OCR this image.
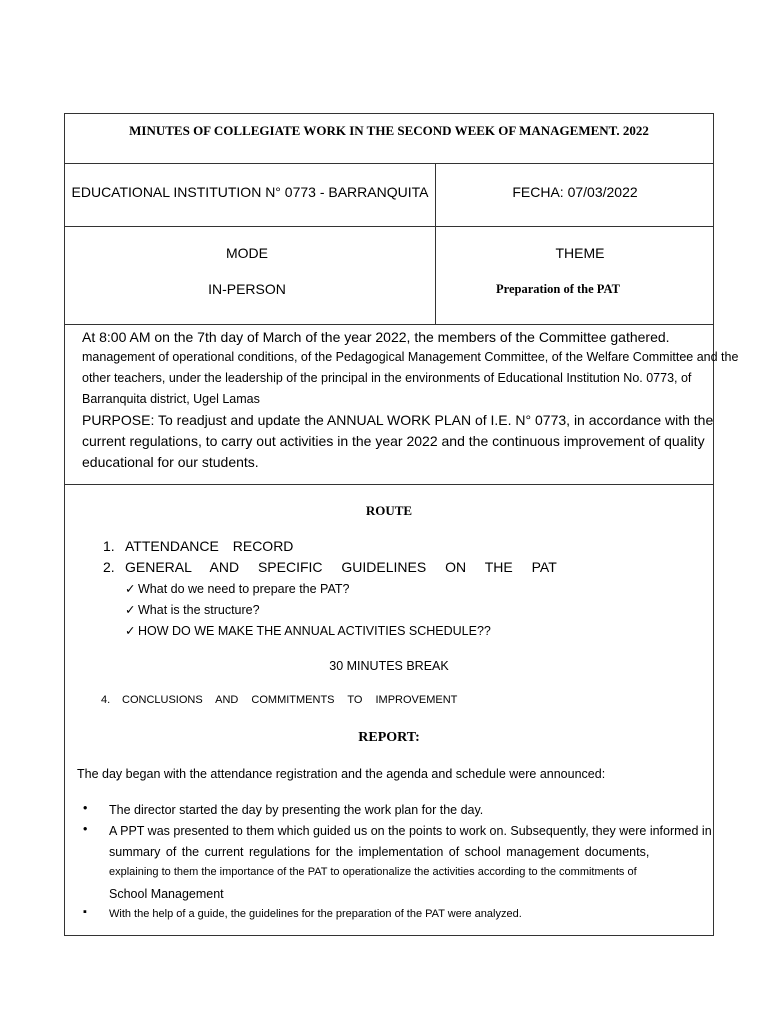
MINUTES OF COLLEGIATE WORK IN THE SECOND WEEK OF MANAGEMENT. 2022
EDUCATIONAL INSTITUTION N° 0773 - BARRANQUITA	FECHA: 07/03/2022
MODE
IN-PERSON
THEME
Preparation of the PAT
At 8:00 AM on the 7th day of March of the year 2022, the members of the Committee gathered.
management of operational conditions, of the Pedagogical Management Committee, of the Welfare Committee and the
other teachers, under the leadership of the principal in the environments of Educational Institution No. 0773, of
Barranquita district, Ugel Lamas
PURPOSE: To readjust and update the ANNUAL WORK PLAN of I.E. N° 0773, in accordance with the
current regulations, to carry out activities in the year 2022 and the continuous improvement of quality
educational for our students.
ROUTE
1. ATTENDANCE RECORD
2. GENERAL AND SPECIFIC GUIDELINES ON THE PAT
✓ What do we need to prepare the PAT?
✓ What is the structure?
✓ HOW DO WE MAKE THE ANNUAL ACTIVITIES SCHEDULE??
30 MINUTES BREAK
4. CONCLUSIONS AND COMMITMENTS TO IMPROVEMENT
REPORT:
The day began with the attendance registration and the agenda and schedule were announced:
• The director started the day by presenting the work plan for the day.
• A PPT was presented to them which guided us on the points to work on. Subsequently, they were informed in
summary of the current regulations for the implementation of school management documents,
explaining to them the importance of the PAT to operationalize the activities according to the commitments of
School Management
▪ With the help of a guide, the guidelines for the preparation of the PAT were analyzed.
